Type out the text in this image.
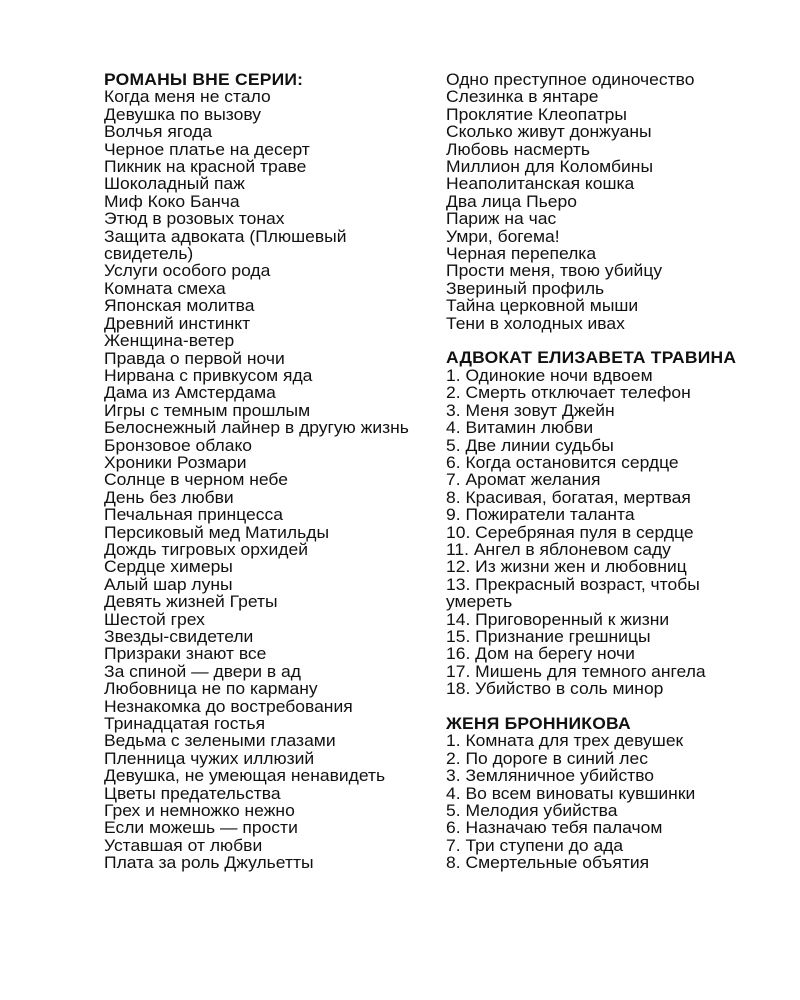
РОМАНЫ ВНЕ СЕРИИ:
Когда меня не стало
Девушка по вызову
Волчья ягода
Черное платье на десерт
Пикник на красной траве
Шоколадный паж
Миф Коко Банча
Этюд в розовых тонах
Защита адвоката (Плюшевый свидетель)
Услуги особого рода
Комната смеха
Японская молитва
Древний инстинкт
Женщина-ветер
Правда о первой ночи
Нирвана с привкусом яда
Дама из Амстердама
Игры с темным прошлым
Белоснежный лайнер в другую жизнь
Бронзовое облако
Хроники Розмари
Солнце в черном небе
День без любви
Печальная принцесса
Персиковый мед Матильды
Дождь тигровых орхидей
Сердце химеры
Алый шар луны
Девять жизней Греты
Шестой грех
Звезды-свидетели
Призраки знают все
За спиной — двери в ад
Любовница не по карману
Незнакомка до востребования
Тринадцатая гостья
Ведьма с зелеными глазами
Пленница чужих иллюзий
Девушка, не умеющая ненавидеть
Цветы предательства
Грех и немножко нежно
Если можешь — прости
Уставшая от любви
Плата за роль Джульетты
Одно преступное одиночество
Слезинка в янтаре
Проклятие Клеопатры
Сколько живут донжуаны
Любовь насмерть
Миллион для Коломбины
Неаполитанская кошка
Два лица Пьеро
Париж на час
Умри, богема!
Черная перепелка
Прости меня, твою убийцу
Звериный профиль
Тайна церковной мыши
Тени в холодных ивах
АДВОКАТ ЕЛИЗАВЕТА ТРАВИНА
1. Одинокие ночи вдвоем
2. Смерть отключает телефон
3. Меня зовут Джейн
4. Витамин любви
5. Две линии судьбы
6. Когда остановится сердце
7. Аромат желания
8. Красивая, богатая, мертвая
9. Пожиратели таланта
10. Серебряная пуля в сердце
11. Ангел в яблоневом саду
12. Из жизни жен и любовниц
13. Прекрасный возраст, чтобы умереть
14. Приговоренный к жизни
15. Признание грешницы
16. Дом на берегу ночи
17. Мишень для темного ангела
18. Убийство в соль минор
ЖЕНЯ БРОННИКОВА
1. Комната для трех девушек
2. По дороге в синий лес
3. Земляничное убийство
4. Во всем виноваты кувшинки
5. Мелодия убийства
6. Назначаю тебя палачом
7. Три ступени до ада
8. Смертельные объятия
